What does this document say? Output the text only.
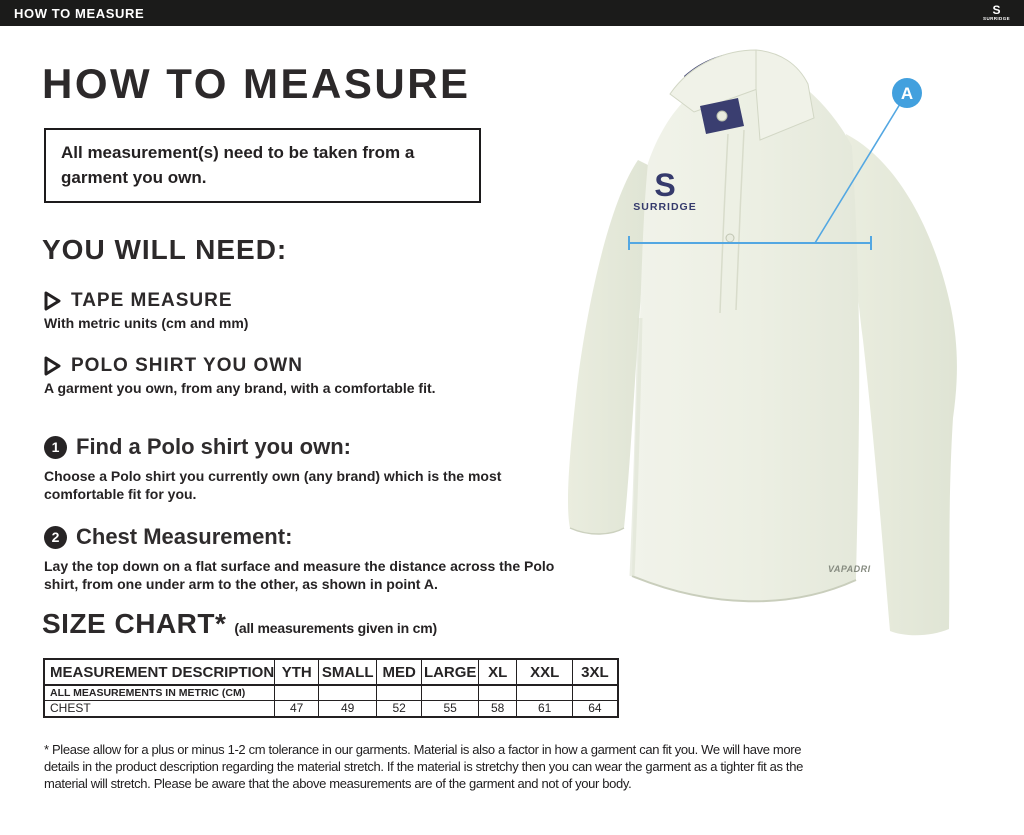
HOW TO MEASURE	S
SURRIDGE
HOW TO MEASURE

All measurement(s) need to be taken from a garment you own.

YOU WILL NEED:
TAPE MEASURE
With metric units (cm and mm)
POLO SHIRT YOU OWN
A garment you own, from any brand, with a comfortable fit.
1 Find a Polo shirt you own:
Choose a Polo shirt you currently own (any brand) which is the most comfortable fit for you.
2 Chest Measurement:
Lay the top down on a flat surface and measure the distance across the Polo shirt, from one under arm to the other, as shown in point A.
SIZE CHART* (all measurements given in cm)
MEASUREMENT DESCRIPTION	YTH	SMALL	MED	LARGE	XL	XXL	3XL
ALL MEASUREMENTS IN METRIC (CM)							
CHEST	47	49	52	55	58	61	64

* Please allow for a plus or minus 1-2 cm tolerance in our garments. Material is also a factor in how a garment can fit you. We will have more details in the product description regarding the material stretch. If the material is stretchy then you can wear the garment as a tighter fit as the material will stretch. Please be aware that the above measurements are of the garment and not of your body.

S
SURRIDGE
VAPADRI
A
